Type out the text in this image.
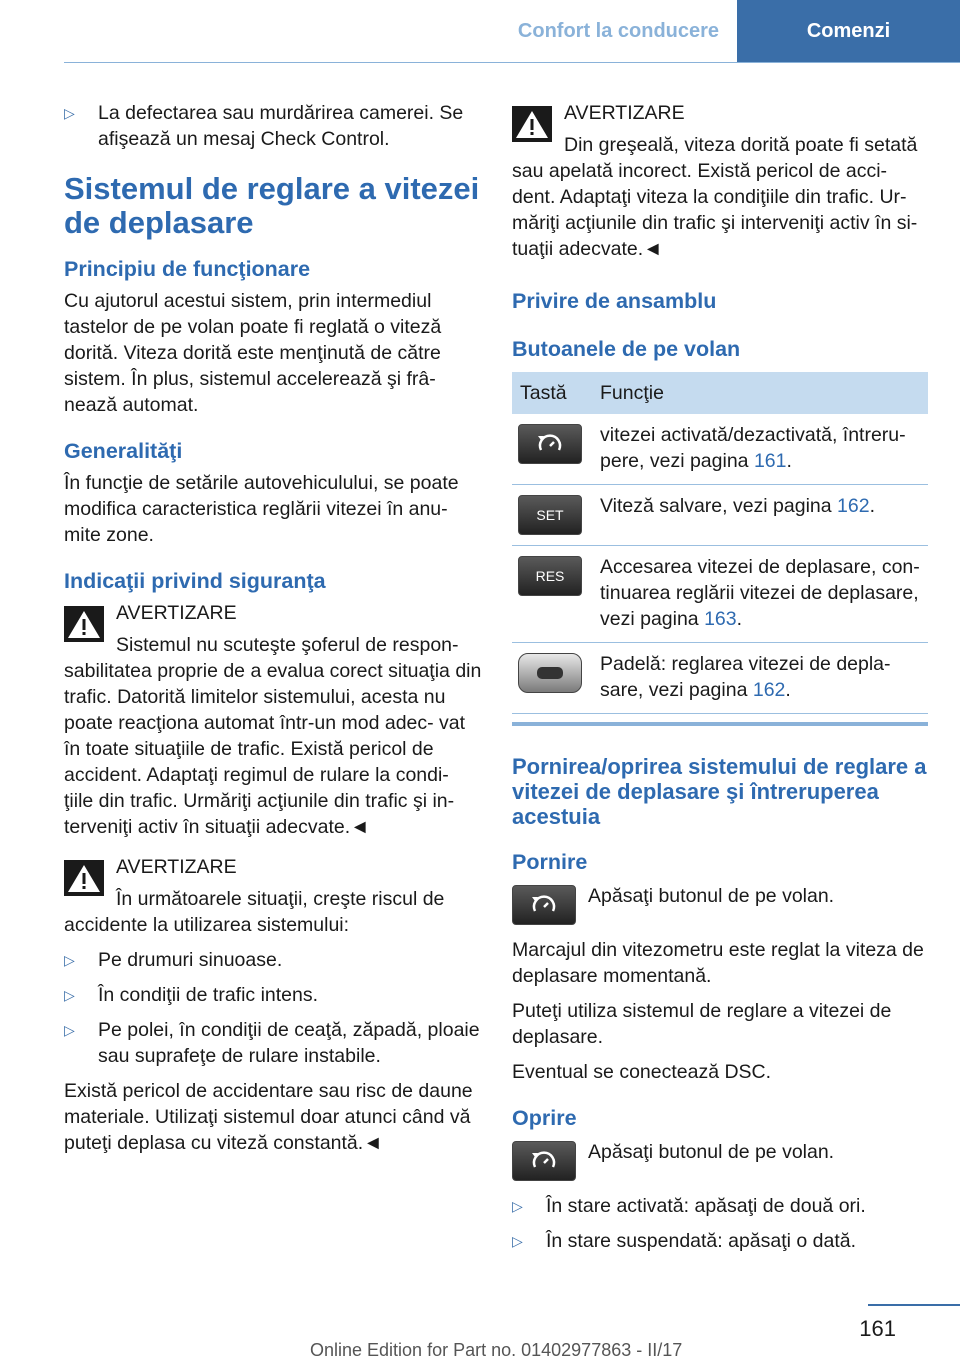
Confort la conducere	Comenzi
▷	La defectarea sau murdărirea camerei. Se afişează un mesaj Check Control.
Sistemul de reglare a vitezei de deplasare
Principiu de funcţionare

Cu ajutorul acestui sistem, prin intermediul tastelor de pe volan poate fi reglată o viteză dorită. Viteza dorită este menţinută de către sistem. În plus, sistemul accelerează şi frâ‐ nează automat.

Generalităţi

În funcţie de setările autovehiculului, se poate modifica caracteristica reglării vitezei în anu‐ mite zone.

Indicaţii privind siguranţa
AVERTIZARE

Sistemul nu scuteşte şoferul de respon‐ sabilitatea proprie de a evalua corect situaţia din trafic. Datorită limitelor sistemului, acesta nu poate reacţiona automat într-un mod adec‐ vat în toate situaţiile de trafic. Există pericol de accident. Adaptaţi regimul de rulare la condi‐ ţiile din trafic. Urmăriţi acţiunile din trafic şi in‐ terveniţi activ în situaţii adecvate.◄

AVERTIZARE

În următoarele situaţii, creşte riscul de accidente la utilizarea sistemului:

▷	Pe drumuri sinuoase.
▷	În condiţii de trafic intens.
▷	Pe polei, în condiţii de ceaţă, zăpadă, ploaie sau suprafeţe de rulare instabile.

Există pericol de accidentare sau risc de daune materiale. Utilizaţi sistemul doar atunci când vă puteţi deplasa cu viteză constantă.◄

AVERTIZARE

Din greşeală, viteza dorită poate fi setată sau apelată incorect. Există pericol de acci‐ dent. Adaptaţi viteza la condiţiile din trafic. Ur‐ măriţi acţiunile din trafic şi interveniţi activ în si‐ tuaţii adecvate.◄

Privire de ansamblu
Butoanele de pe volan
Tastă	Funcţie

	vitezei activată/dezactivată, întreru‐ pere, vezi pagina 161.

SET	Viteză salvare, vezi pagina 162.

RES	Accesarea vitezei de deplasare, con‐ tinuarea reglării vitezei de deplasare, vezi pagina 163.

	Padelă: reglarea vitezei de depla‐ sare, vezi pagina 162.
Pornirea/oprirea sistemului de reglare a vitezei de deplasare şi întreruperea acestuia
Pornire
Apăsaţi butonul de pe volan.

Marcajul din vitezometru este reglat la viteza de deplasare momentană.

Puteţi utiliza sistemul de reglare a vitezei de deplasare.

Eventual se conectează DSC.

Oprire
Apăsaţi butonul de pe volan.
▷	În stare activată: apăsaţi de două ori.
▷	În stare suspendată: apăsaţi o dată.
161
Online Edition for Part no. 01402977863 - II/17
